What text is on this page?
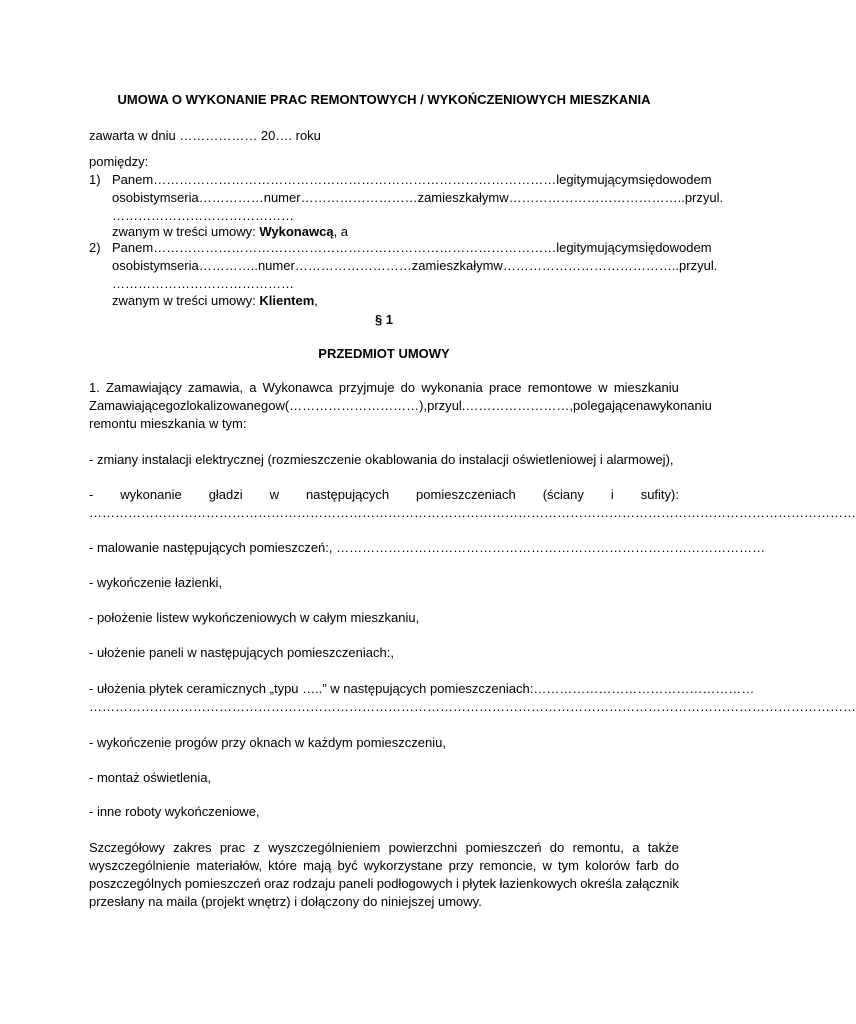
UMOWA O WYKONANIE PRAC REMONTOWYCH / WYKOŃCZENIOWYCH MIESZKANIA
zawarta w dniu ……………… 20…. roku
pomiędzy:
1) Panem………………………………………………………………………………… legitymującym się dowodem
osobistym seria …………… numer ……………………… zamieszkałym w ………………………………….. przy ul.
……………………………………
zwanym w treści umowy: Wykonawcą, a
2) Panem………………………………………………………………………………… legitymującym się dowodem
osobistym seria………….. numer ……………………… zamieszkałym w ………………………………….. przy ul.
……………………………………
zwanym w treści umowy: Klientem,
§ 1
PRZEDMIOT UMOWY
1. Zamawiający zamawia, a Wykonawca przyjmuje do wykonania prace remontowe w mieszkaniu
Zamawiającego zlokalizowanego w (…………………………), przy ul. …………………… , polegające na wykonaniu
remontu mieszkania w tym:
- zmiany instalacji elektrycznej (rozmieszczenie okablowania do instalacji oświetleniowej i alarmowej),
- wykonanie gładzi w następujących pomieszczeniach (ściany i sufity):
……………………………………………………………………………………………………………………………………………………………
- malowanie następujących pomieszczeń:, ………………………………………………………………………………………
- wykończenie łazienki,
- położenie listew wykończeniowych w całym mieszkaniu,
- ułożenie paneli w następujących pomieszczeniach:,
- ułożenia płytek ceramicznych „typu …..” w następujących pomieszczeniach:……………………………………………
……………………………………………………………………………………………………………………………………………………………
- wykończenie progów przy oknach w każdym pomieszczeniu,
- montaż oświetlenia,
- inne roboty wykończeniowe,
Szczegółowy zakres prac z wyszczególnieniem powierzchni pomieszczeń do remontu, a także
wyszczególnienie materiałów, które mają być wykorzystane przy remoncie, w tym kolorów farb do
poszczególnych pomieszczeń oraz rodzaju paneli podłogowych i płytek łazienkowych określa załącznik
przesłany na maila (projekt wnętrz) i dołączony do niniejszej umowy.
